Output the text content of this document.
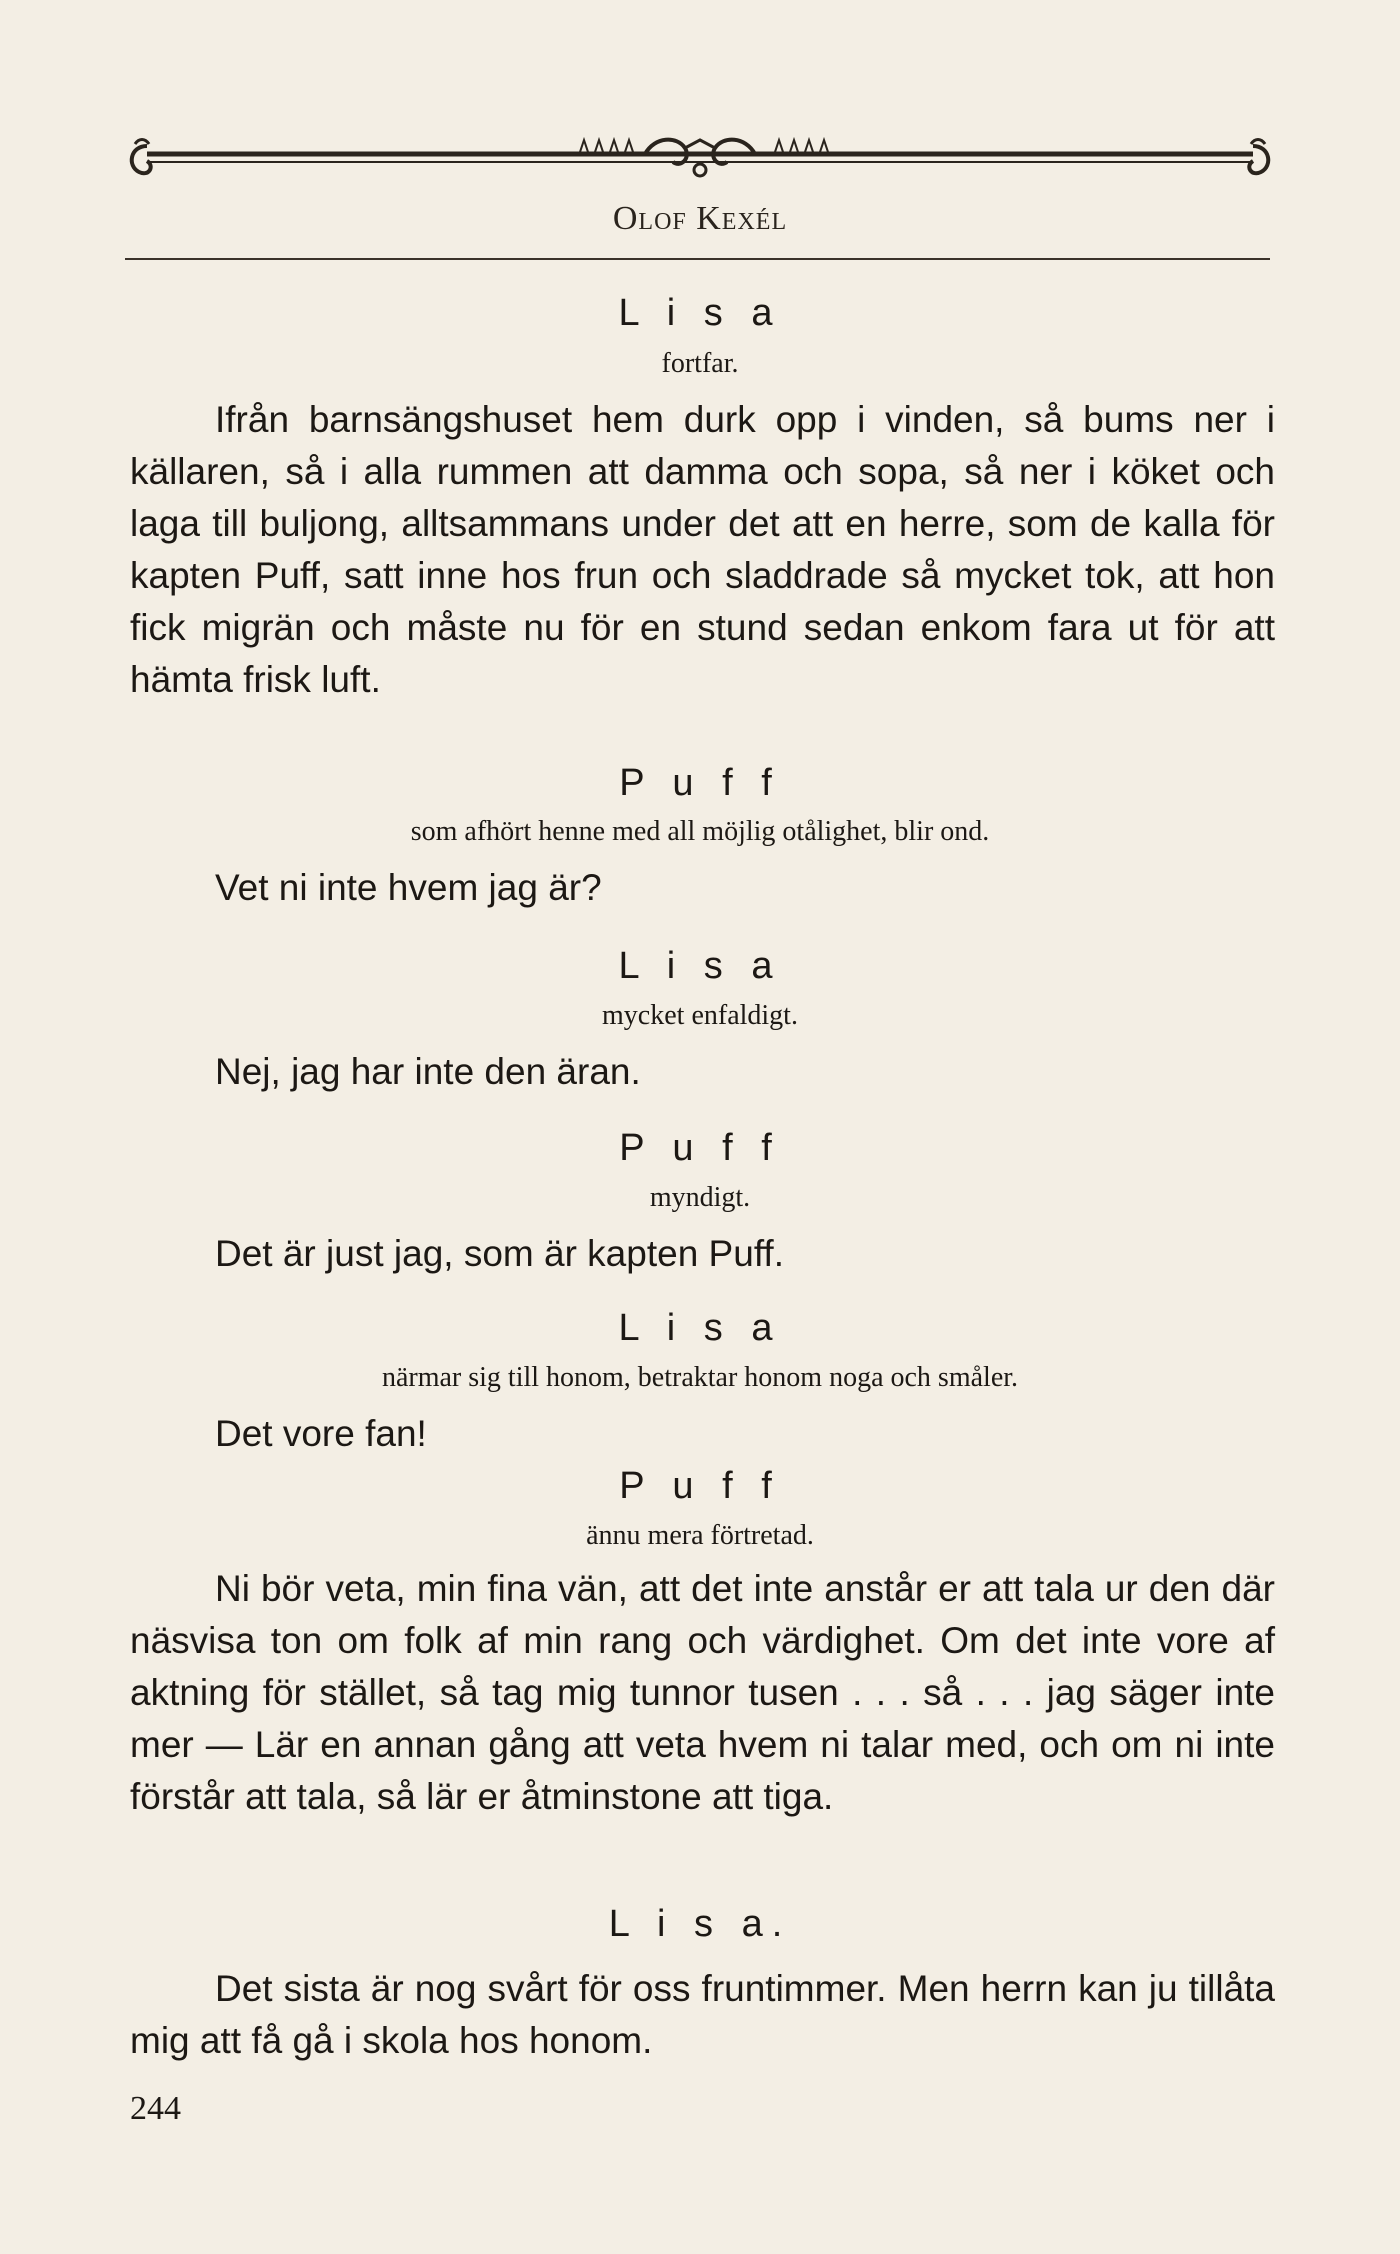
Olof Kexél
L i s a
fortfar.
Ifrån barnsängshuset hem durk opp i vinden, så bums ner i källaren, så i alla rummen att damma och sopa, så ner i köket och laga till buljong, alltsammans under det att en herre, som de kalla för kapten Puff, satt inne hos frun och sladdrade så mycket tok, att hon fick migrän och måste nu för en stund sedan enkom fara ut för att hämta frisk luft.
P u f f
som afhört henne med all möjlig otålighet, blir ond.
Vet ni inte hvem jag är?
L i s a
mycket enfaldigt.
Nej, jag har inte den äran.
P u f f
myndigt.
Det är just jag, som är kapten Puff.
L i s a
närmar sig till honom, betraktar honom noga och småler.
Det vore fan!
P u f f
ännu mera förtretad.
Ni bör veta, min fina vän, att det inte anstår er att tala ur den där näsvisa ton om folk af min rang och värdighet. Om det inte vore af aktning för stället, så tag mig tunnor tusen . . . så . . . jag säger inte mer — Lär en annan gång att veta hvem ni talar med, och om ni inte förstår att tala, så lär er åtminstone att tiga.
L i s a.
Det sista är nog svårt för oss fruntimmer. Men herrn kan ju tillåta mig att få gå i skola hos honom.
244
